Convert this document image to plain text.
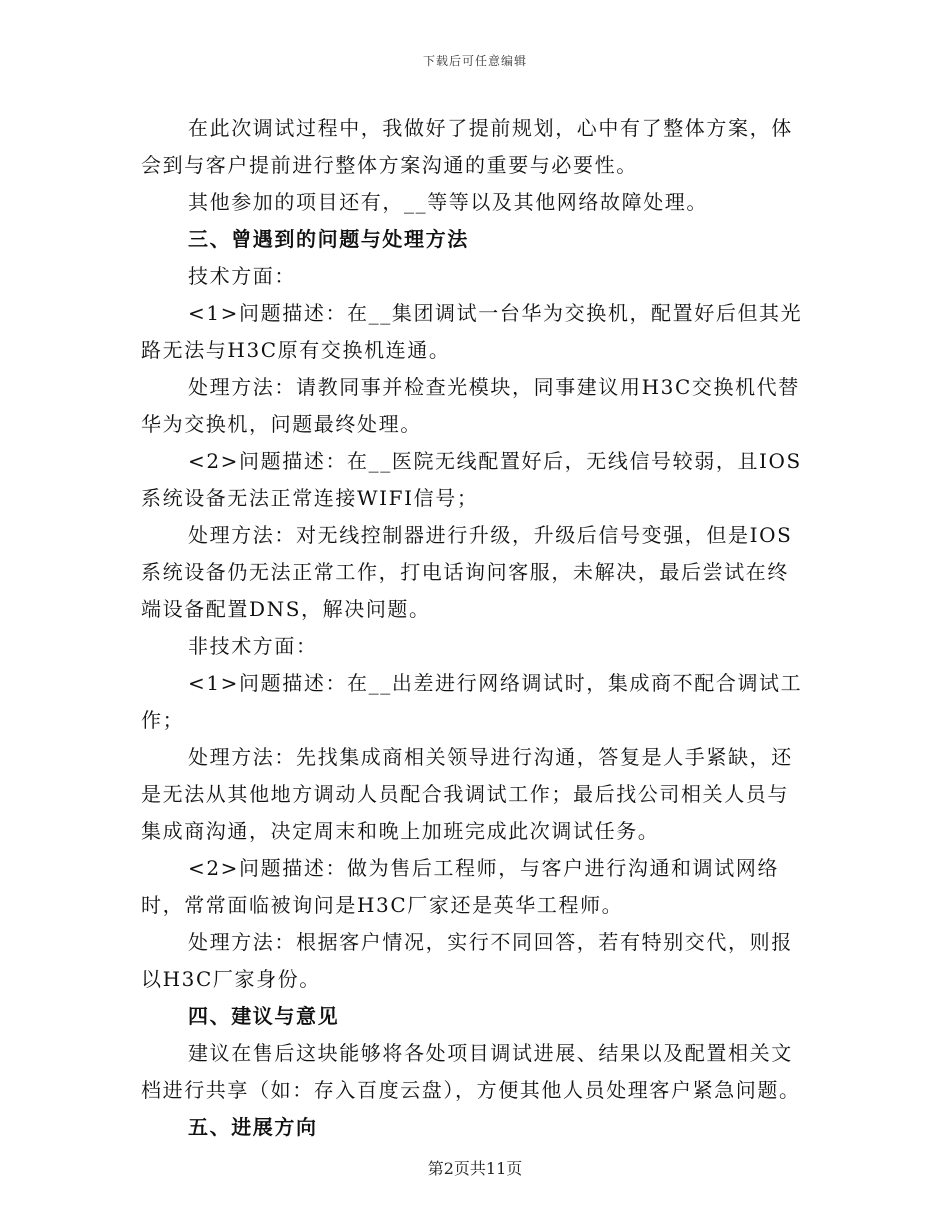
下载后可任意编辑

在此次调试过程中，我做好了提前规划，心中有了整体方案，体会到与客户提前进行整体方案沟通的重要与必要性。

其他参加的项目还有，__等等以及其他网络故障处理。

三、曾遇到的问题与处理方法

技术方面：

<1>问题描述：在__集团调试一台华为交换机，配置好后但其光路无法与H3C原有交换机连通。

处理方法：请教同事并检查光模块，同事建议用H3C交换机代替华为交换机，问题最终处理。

<2>问题描述：在__医院无线配置好后，无线信号较弱，且IOS系统设备无法正常连接WIFI信号；

处理方法：对无线控制器进行升级，升级后信号变强，但是IOS系统设备仍无法正常工作，打电话询问客服，未解决，最后尝试在终端设备配置DNS，解决问题。

非技术方面：

<1>问题描述：在__出差进行网络调试时，集成商不配合调试工作；

处理方法：先找集成商相关领导进行沟通，答复是人手紧缺，还是无法从其他地方调动人员配合我调试工作；最后找公司相关人员与集成商沟通，决定周末和晚上加班完成此次调试任务。

<2>问题描述：做为售后工程师，与客户进行沟通和调试网络时，常常面临被询问是H3C厂家还是英华工程师。

处理方法：根据客户情况，实行不同回答，若有特别交代，则报以H3C厂家身份。

四、建议与意见

建议在售后这块能够将各处项目调试进展、结果以及配置相关文档进行共享（如：存入百度云盘），方便其他人员处理客户紧急问题。

五、进展方向

第2页共11页
